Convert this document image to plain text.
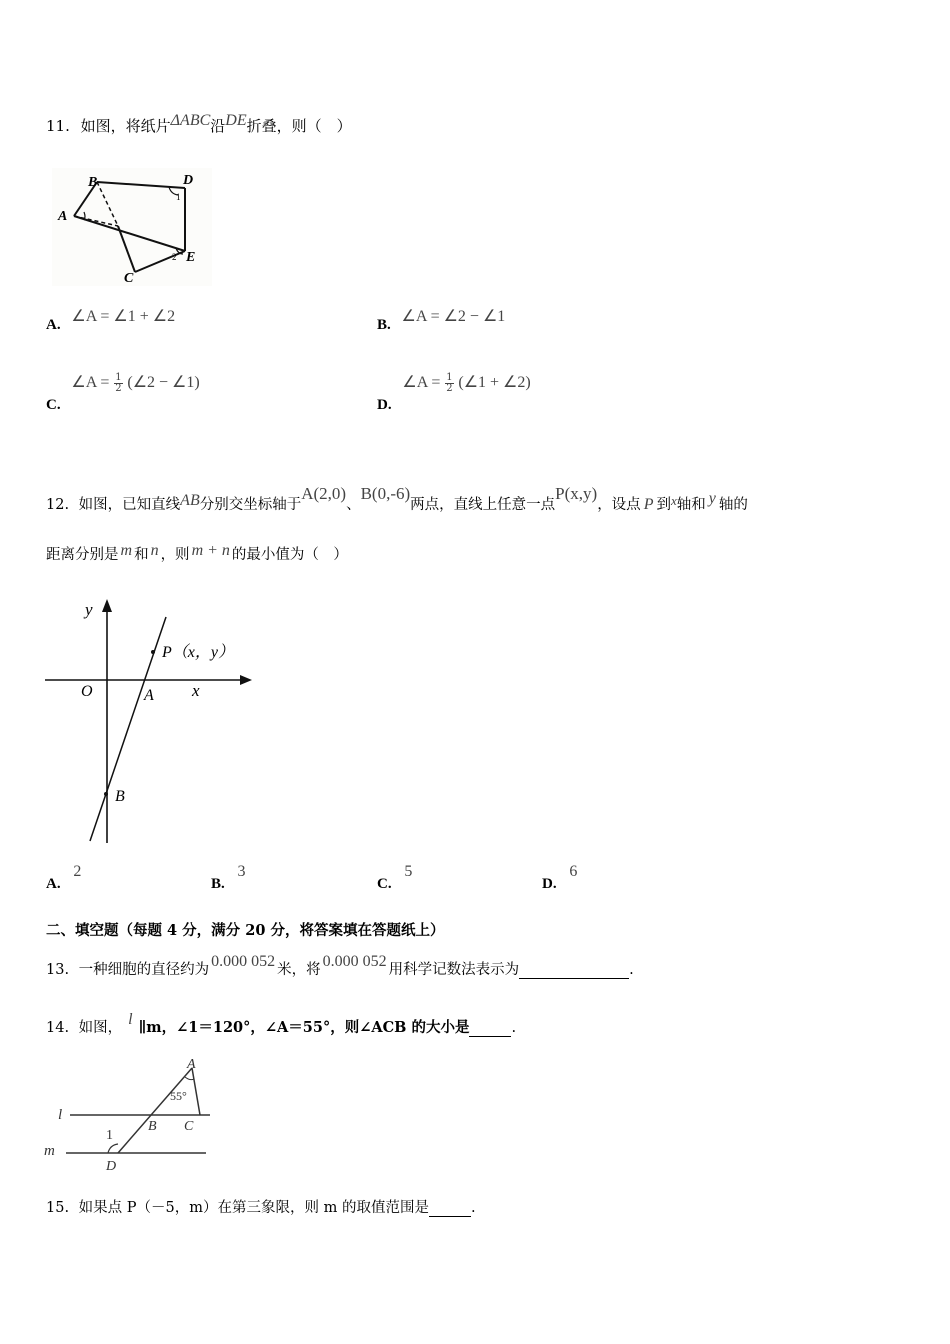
11. 如图，将纸片ΔABC沿DE折叠，则（　）
B	D
A
C
E
1
2
A. ∠A = ∠1 + ∠2	B. ∠A = ∠2 − ∠1
C. ∠A = $\frac{1}{2}$ (∠2 − ∠1)
D. ∠A = $\frac{1}{2}$ (∠1 + ∠2)
12. 如图，已知直线AB分别交坐标轴于A(2,0)、B(0,-6)两点，直线上任意一点P(x,y)，设点 P 到x轴和 y 轴的
距离分别是 m 和 n ，则 m + n 的最小值为（　）
y
x
O	A
B
P（x，y）
A. 2
B. 3
C. 5
D. 6
二、填空题（每题 4 分，满分 20 分，将答案填在答题纸上）
13. 一种细胞的直径约为 0.000 052 米，将 0.000 052 用科学记数法表示为	.
14. 如图， l ∥m，∠1＝120°，∠A＝55°，则∠ACB 的大小是	.
A
55°
l
B C
m
1
D
15. 如果点 P（－5，m）在第三象限，则 m 的取值范围是	.
